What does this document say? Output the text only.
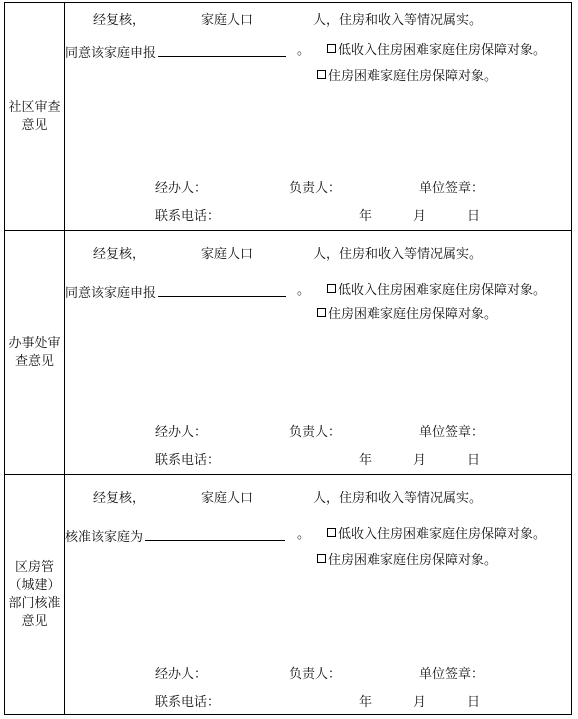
社区审查
意见
经复核，	家庭人口	人，住房和收入等情况属实。
同意该家庭申报	。	低收入住房困难家庭住房保障对象。
住房困难家庭住房保障对象。
经办人：	负责人：	单位签章：
联系电话：	年	月	日
办事处审
查意见
经复核，	家庭人口	人，住房和收入等情况属实。
同意该家庭申报	。	低收入住房困难家庭住房保障对象。
住房困难家庭住房保障对象。
经办人：	负责人：	单位签章：
联系电话：	年	月	日
区房管
（城建）
部门核准
意见
经复核，	家庭人口	人，住房和收入等情况属实。
核准该家庭为	。	低收入住房困难家庭住房保障对象。
住房困难家庭住房保障对象。
经办人：	负责人：	单位签章：
联系电话：	年	月	日
